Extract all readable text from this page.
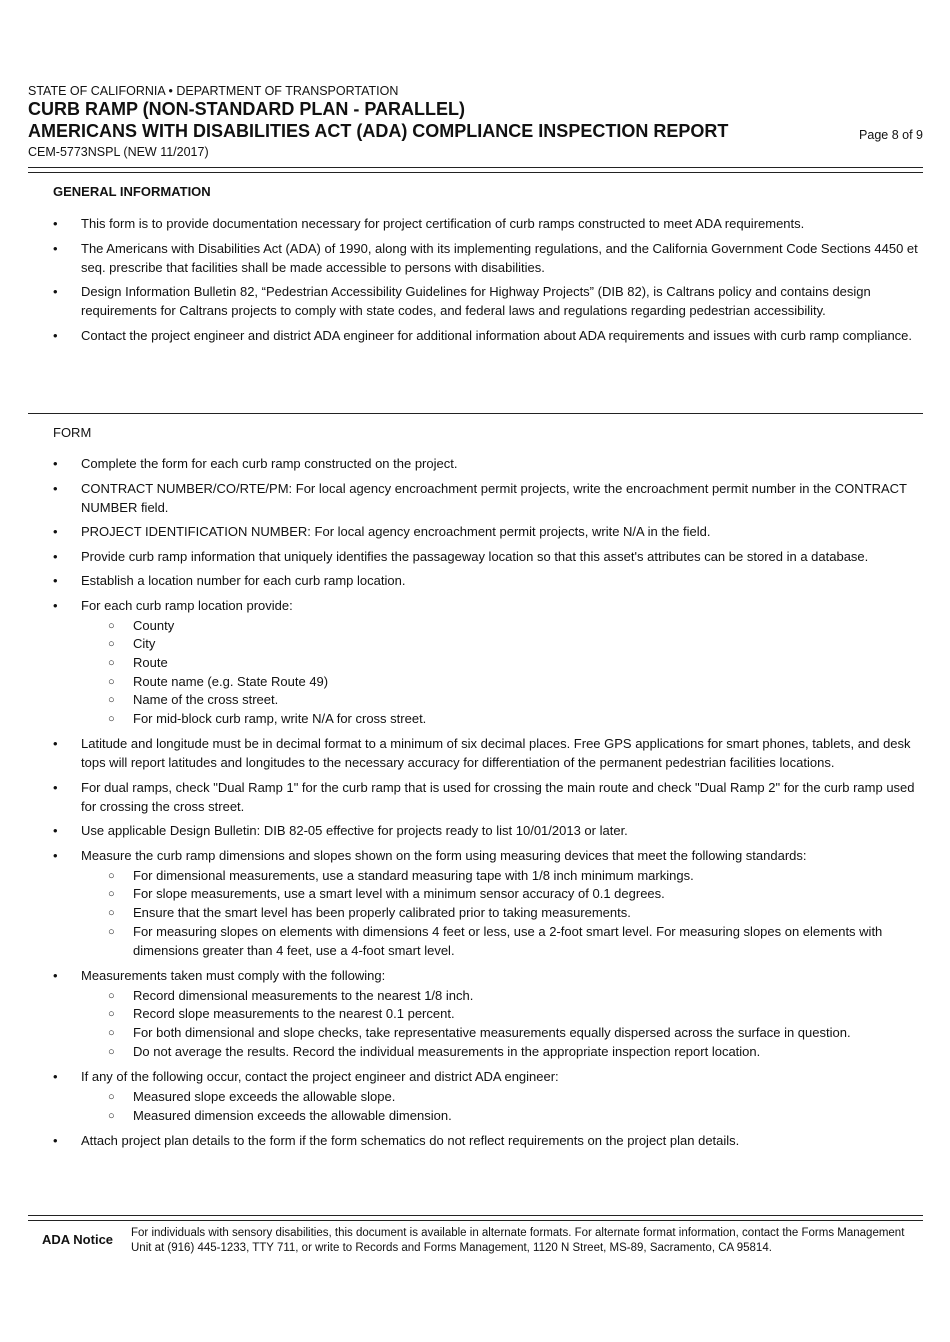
STATE OF CALIFORNIA • DEPARTMENT OF TRANSPORTATION
CURB RAMP (NON-STANDARD PLAN - PARALLEL)
AMERICANS WITH DISABILITIES ACT (ADA) COMPLIANCE INSPECTION REPORT
CEM-5773NSPL (NEW 11/2017)
Page 8 of 9
GENERAL INFORMATION
• This form is to provide documentation necessary for project certification of curb ramps constructed to meet ADA requirements.
• The Americans with Disabilities Act (ADA) of 1990, along with its implementing regulations, and the California Government Code Sections 4450 et seq. prescribe that facilities shall be made accessible to persons with disabilities.
• Design Information Bulletin 82, “Pedestrian Accessibility Guidelines for Highway Projects” (DIB 82), is Caltrans policy and contains design requirements for Caltrans projects to comply with state codes, and federal laws and regulations regarding pedestrian accessibility.
• Contact the project engineer and district ADA engineer for additional information about ADA requirements and issues with curb ramp compliance.
FORM
• Complete the form for each curb ramp constructed on the project.
• CONTRACT NUMBER/CO/RTE/PM: For local agency encroachment permit projects, write the encroachment permit number in the CONTRACT NUMBER field.
• PROJECT IDENTIFICATION NUMBER: For local agency encroachment permit projects, write N/A in the field.
• Provide curb ramp information that uniquely identifies the passageway location so that this asset's attributes can be stored in a database.
• Establish a location number for each curb ramp location.
• For each curb ramp location provide:
○ County
○ City
○ Route
○ Route name (e.g. State Route 49)
○ Name of the cross street.
○ For mid-block curb ramp, write N/A for cross street.
• Latitude and longitude must be in decimal format to a minimum of six decimal places. Free GPS applications for smart phones, tablets, and desk tops will report latitudes and longitudes to the necessary accuracy for differentiation of the permanent pedestrian facilities locations.
• For dual ramps, check "Dual Ramp 1" for the curb ramp that is used for crossing the main route and check "Dual Ramp 2" for the curb ramp used for crossing the cross street.
• Use applicable Design Bulletin: DIB 82-05 effective for projects ready to list 10/01/2013 or later.
• Measure the curb ramp dimensions and slopes shown on the form using measuring devices that meet the following standards:
○ For dimensional measurements, use a standard measuring tape with 1/8 inch minimum markings.
○ For slope measurements, use a smart level with a minimum sensor accuracy of 0.1 degrees.
○ Ensure that the smart level has been properly calibrated prior to taking measurements.
○ For measuring slopes on elements with dimensions 4 feet or less, use a 2-foot smart level. For measuring slopes on elements with dimensions greater than 4 feet, use a 4-foot smart level.
• Measurements taken must comply with the following:
○ Record dimensional measurements to the nearest 1/8 inch.
○ Record slope measurements to the nearest 0.1 percent.
○ For both dimensional and slope checks, take representative measurements equally dispersed across the surface in question.
○ Do not average the results. Record the individual measurements in the appropriate inspection report location.
• If any of the following occur, contact the project engineer and district ADA engineer:
○ Measured slope exceeds the allowable slope.
○ Measured dimension exceeds the allowable dimension.
• Attach project plan details to the form if the form schematics do not reflect requirements on the project plan details.
ADA Notice For individuals with sensory disabilities, this document is available in alternate formats. For alternate format information, contact the Forms Management Unit at (916) 445-1233, TTY 711, or write to Records and Forms Management, 1120 N Street, MS-89, Sacramento, CA 95814.
